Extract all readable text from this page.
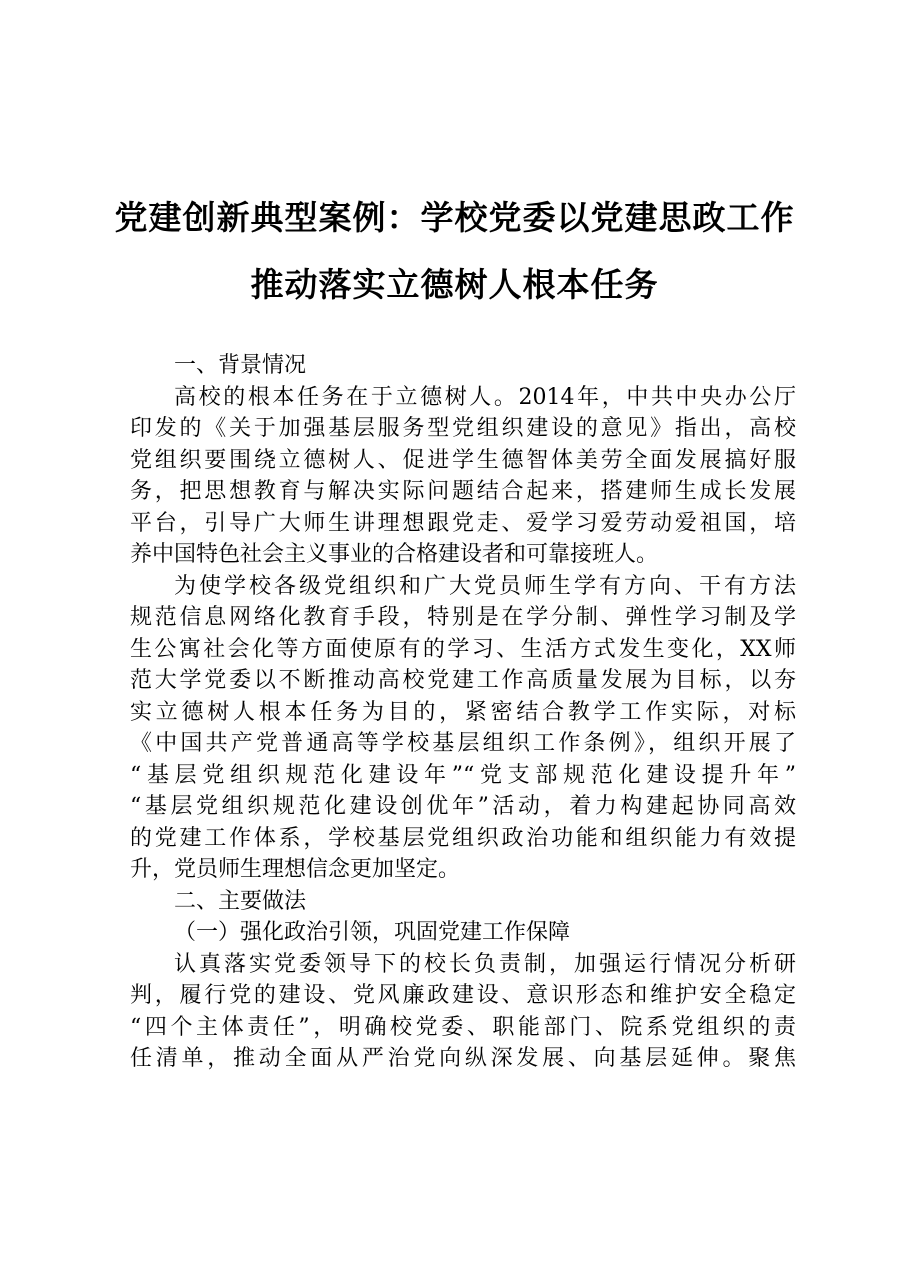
党建创新典型案例：学校党委以党建思政工作
推动落实立德树人根本任务
一、背景情况
高校的根本任务在于立德树人。2014年，中共中央办公厅
印发的《关于加强基层服务型党组织建设的意见》指出，高校
党组织要围绕立德树人、促进学生德智体美劳全面发展搞好服
务，把思想教育与解决实际问题结合起来，搭建师生成长发展
平台，引导广大师生讲理想跟党走、爱学习爱劳动爱祖国，培
养中国特色社会主义事业的合格建设者和可靠接班人。
为使学校各级党组织和广大党员师生学有方向、干有方法
规范信息网络化教育手段，特别是在学分制、弹性学习制及学
生公寓社会化等方面使原有的学习、生活方式发生变化，XX师
范大学党委以不断推动高校党建工作高质量发展为目标，以夯
实立德树人根本任务为目的，紧密结合教学工作实际，对标
《中国共产党普通高等学校基层组织工作条例》，组织开展了
“基层党组织规范化建设年”“党支部规范化建设提升年”
“基层党组织规范化建设创优年”活动，着力构建起协同高效
的党建工作体系，学校基层党组织政治功能和组织能力有效提
升，党员师生理想信念更加坚定。
二、主要做法
（一）强化政治引领，巩固党建工作保障
认真落实党委领导下的校长负责制，加强运行情况分析研
判，履行党的建设、党风廉政建设、意识形态和维护安全稳定
“四个主体责任”，明确校党委、职能部门、院系党组织的责
任清单，推动全面从严治党向纵深发展、向基层延伸。聚焦
